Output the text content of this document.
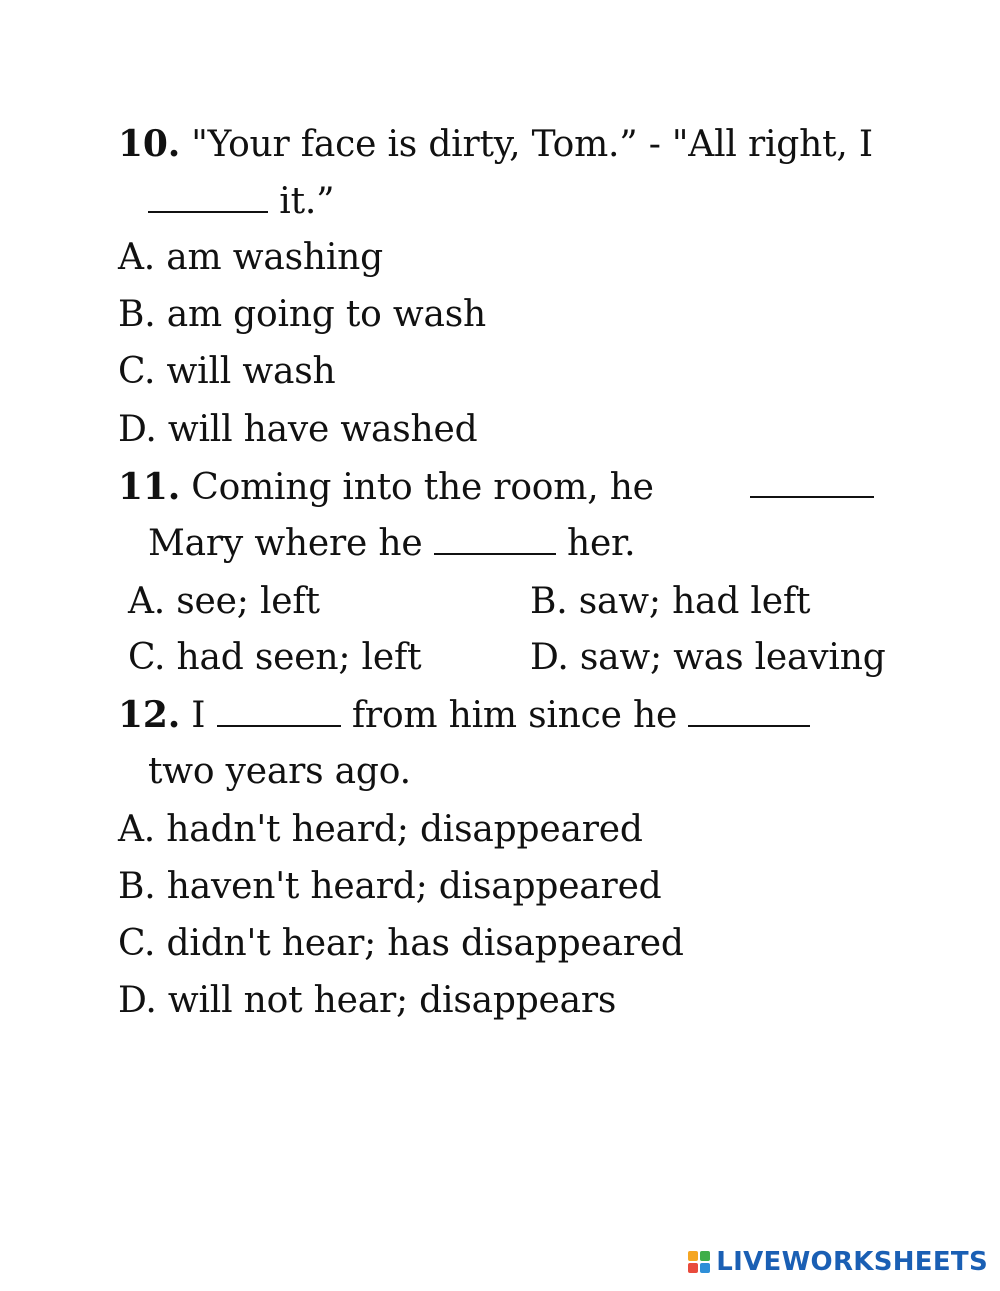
10. "Your face is dirty, Tom.” - "All right, I
it.”
A. am washing
B. am going to wash
C. will wash
D. will have washed
11. Coming into the room, he
Mary where he	her.
A. see; left	B. saw; had left
C. had seen; left	D. saw; was leaving
12. I	from him since he
two years ago.
A. hadn't heard; disappeared
B. haven't heard; disappeared
C. didn't hear; has disappeared
D. will not hear; disappears
LIVEWORKSHEETS
